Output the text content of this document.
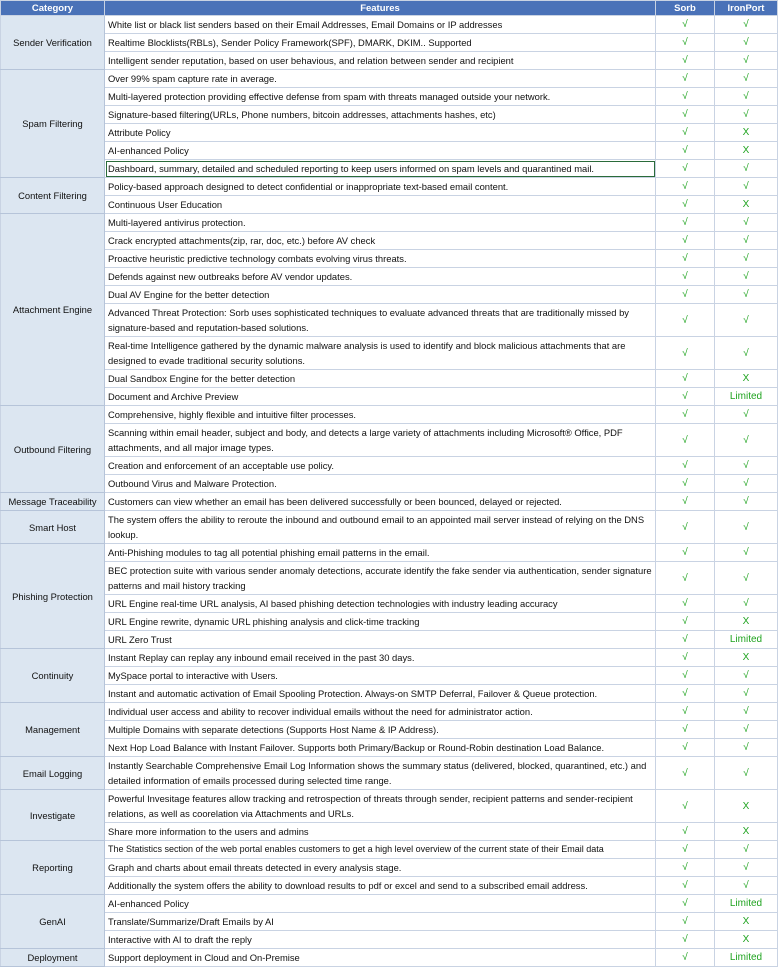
Category	Features	Sorb	IronPort
Sender Verification	White list or black list senders based on their Email Addresses, Email Domains or IP addresses	√	√
	Realtime Blocklists(RBLs), Sender Policy Framework(SPF), DMARK, DKIM.. Supported	√	√
	Intelligent sender reputation, based on user behavious, and relation between sender and recipient	√	√
Spam Filtering	Over 99% spam capture rate in average.	√	√
	Multi-layered protection providing effective defense from spam with threats managed outside your network.	√	√
	Signature-based filtering(URLs, Phone numbers, bitcoin addresses, attachments hashes, etc)	√	√
	Attribute Policy	√	X
	AI-enhanced Policy	√	X
	Dashboard, summary, detailed and scheduled reporting to keep users informed on spam levels and quarantined mail.	√	√
Content Filtering	Policy-based approach designed to detect confidential or inappropriate text-based email content.	√	√
	Continuous User Education	√	X
Attachment Engine	Multi-layered antivirus protection.	√	√
	Crack encrypted attachments(zip, rar, doc, etc.) before AV check	√	√
	Proactive heuristic predictive technology combats evolving virus threats.	√	√
	Defends against new outbreaks before AV vendor updates.	√	√
	Dual AV Engine for the better detection	√	√
	Advanced Threat Protection: Sorb uses sophisticated techniques to evaluate advanced threats that are traditionally missed by signature-based and reputation-based solutions.	√	√
	Real-time Intelligence gathered by the dynamic malware analysis is used to identify and block malicious attachments that are designed to evade traditional security solutions.	√	√
	Dual Sandbox Engine for the better detection	√	X
	Document and Archive Preview	√	Limited
Outbound Filtering	Comprehensive, highly flexible and intuitive filter processes.	√	√
	Scanning within email header, subject and body, and detects a large variety of attachments including Microsoft® Office, PDF attachments, and all major image types.	√	√
	Creation and enforcement of an acceptable use policy.	√	√
	Outbound Virus and Malware Protection.	√	√
Message Traceability	Customers can view whether an email has been delivered successfully or been bounced, delayed or rejected.	√	√
Smart Host	The system offers the ability to reroute the inbound and outbound email to an appointed mail server instead of relying on the DNS lookup.	√	√
Phishing Protection	Anti-Phishing modules to tag all potential phishing email patterns in the email.	√	√
	BEC protection suite with various sender anomaly detections, accurate identify the fake sender via authentication, sender signature patterns and mail history tracking	√	√
	URL Engine real-time URL analysis, AI based phishing detection technologies with industry leading accuracy	√	√
	URL Engine rewrite, dynamic URL phishing analysis and click-time tracking	√	X
	URL Zero Trust	√	Limited
Continuity	Instant Replay can replay any inbound email received in the past 30 days.	√	X
	MySpace portal to interactive with Users.	√	√
	Instant and automatic activation of Email Spooling Protection. Always-on SMTP Deferral, Failover & Queue protection.	√	√
Management	Individual user access and ability to recover individual emails without the need for administrator action.	√	√
	Multiple Domains with separate detections (Supports Host Name & IP Address).	√	√
	Next Hop Load Balance with Instant Failover. Supports both Primary/Backup or Round-Robin destination Load Balance.	√	√
Email Logging	Instantly Searchable Comprehensive Email Log Information shows the summary status (delivered, blocked, quarantined, etc.) and detailed information of emails processed during selected time range.	√	√
Investigate	Powerful Invesitage features allow tracking and retrospection of threats through sender, recipient patterns and sender-recipient relations, as well as coorelation via Attachments and URLs.	√	X
	Share more information to the users and admins	√	X
Reporting	The Statistics section of the web portal enables customers to get a high level overview of the current state of their Email data	√	√
	Graph and charts about email threats detected in every analysis stage.	√	√
	Additionally the system offers the ability to download results to pdf or excel and send to a subscribed email address.	√	√
GenAI	AI-enhanced Policy	√	Limited
	Translate/Summarize/Draft Emails by AI	√	X
	Interactive with AI to draft the reply	√	X
Deployment	Support deployment in Cloud and On-Premise	√	Limited
